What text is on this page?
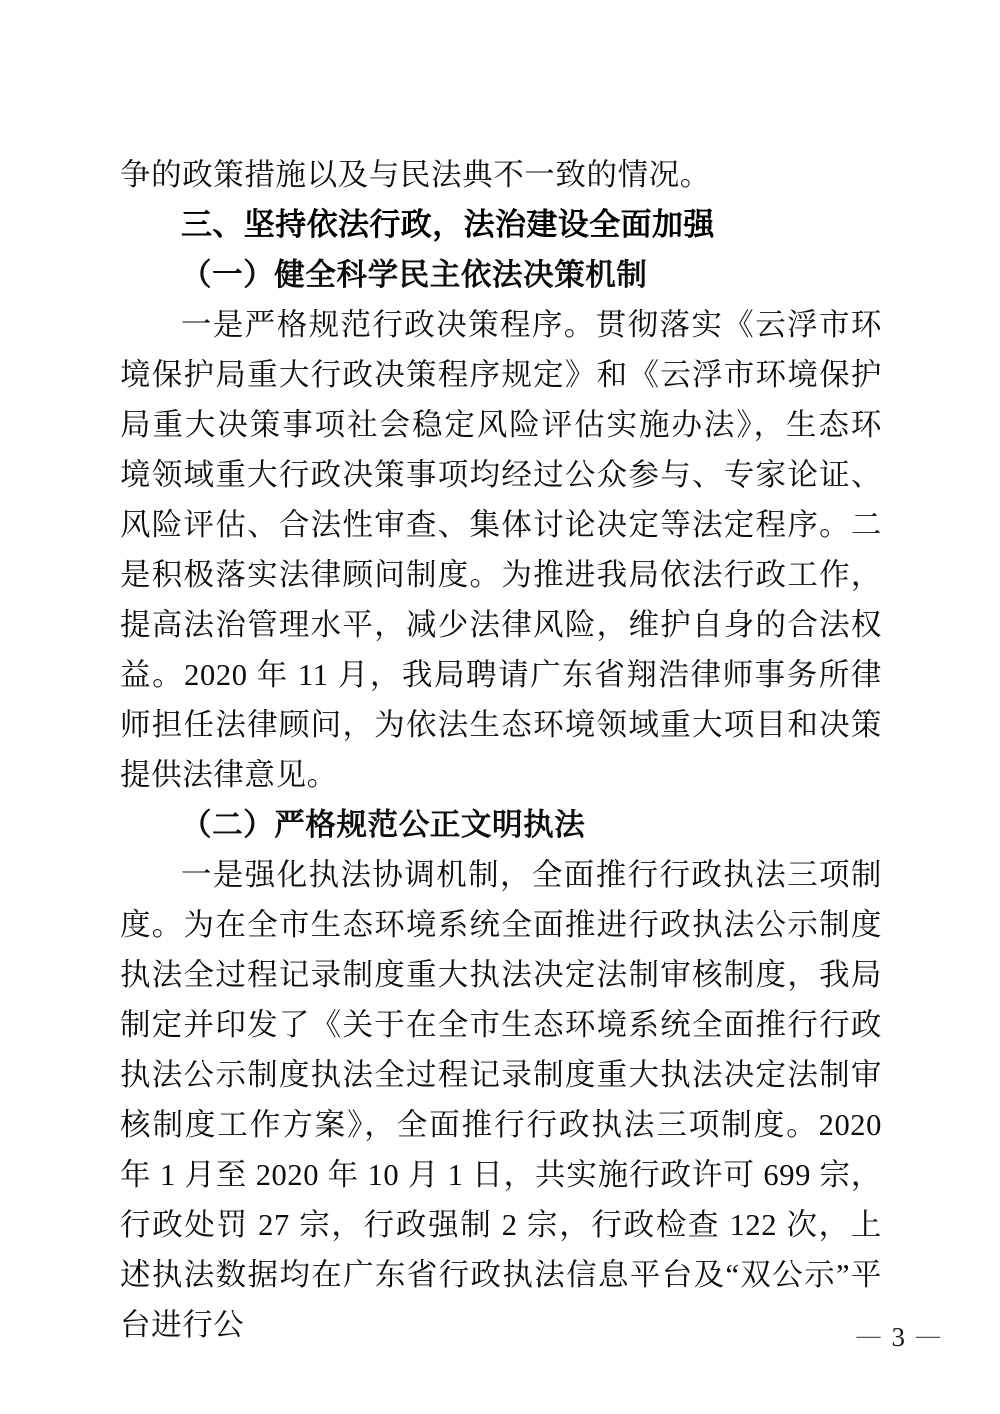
争的政策措施以及与民法典不一致的情况。

三、坚持依法行政，法治建设全面加强
（一）健全科学民主依法决策机制

一是严格规范行政决策程序。贯彻落实《云浮市环境保护局重大行政决策程序规定》和《云浮市环境保护局重大决策事项社会稳定风险评估实施办法》，生态环境领域重大行政决策事项均经过公众参与、专家论证、风险评估、合法性审查、集体讨论决定等法定程序。二是积极落实法律顾问制度。为推进我局依法行政工作，提高法治管理水平，减少法律风险，维护自身的合法权益。2020 年 11 月，我局聘请广东省翔浩律师事务所律师担任法律顾问，为依法生态环境领域重大项目和决策提供法律意见。

（二）严格规范公正文明执法

一是强化执法协调机制，全面推行行政执法三项制度。为在全市生态环境系统全面推进行政执法公示制度执法全过程记录制度重大执法决定法制审核制度，我局制定并印发了《关于在全市生态环境系统全面推行行政执法公示制度执法全过程记录制度重大执法决定法制审核制度工作方案》，全面推行行政执法三项制度。2020 年 1 月至 2020 年 10 月 1 日，共实施行政许可 699 宗，行政处罚 27 宗，行政强制 2 宗，行政检查 122 次，上述执法数据均在广东省行政执法信息平台及“双公示”平台进行公	— 3 —
